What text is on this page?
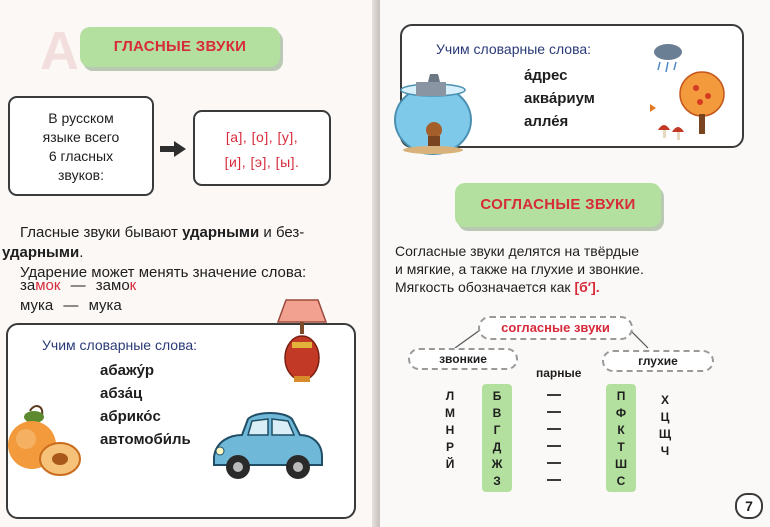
А	ГЛАСНЫЕ ЗВУКИ
В русском
языке всего
6 гласных
звуков:
[а], [о], [у],
[и], [э], [ы].
Гласные звуки бывают ударными и без-
ударными.
Ударение может менять значение слова:
замок — замок
мука — мука
Учим словарные слова:
абажу́р
абза́ц
абрико́с
автомоби́ль
Учим словарные слова:
а́дрес
аква́риум
алле́я
СОГЛАСНЫЕ ЗВУКИ
Согласные звуки делятся на твёрдые
и мягкие, а также на глухие и звонкие.
Мягкость обозначается как [б′].
согласные звуки
звонкие	глухие
парные
Л
М
Н
Р
Й
Б
В
Г
Д
Ж
З
П
Ф
К
Т
Ш
С
Х
Ц
Щ
Ч
7
